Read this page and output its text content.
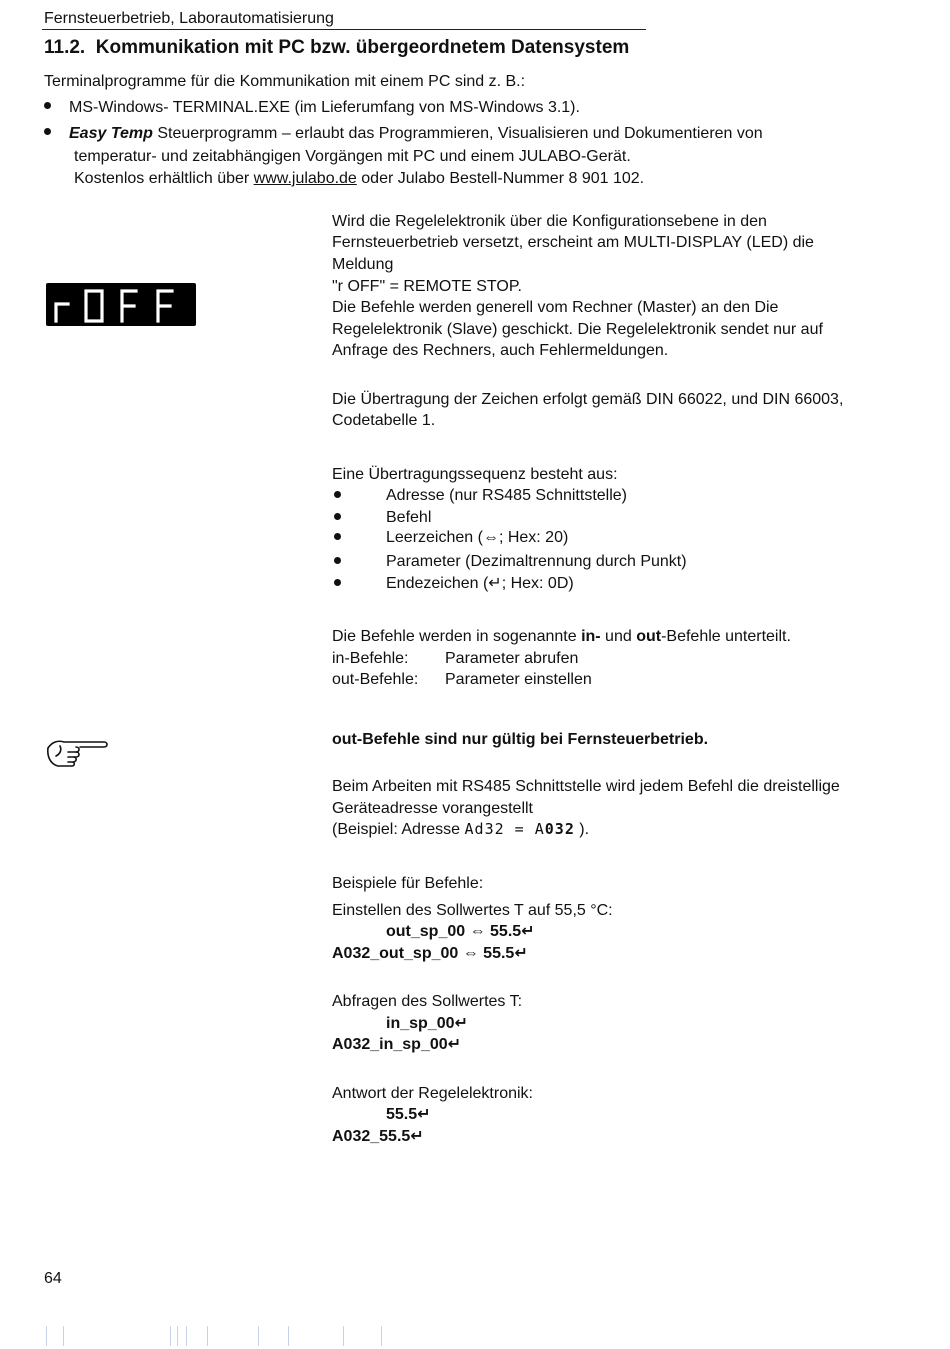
Fernsteuerbetrieb, Laborautomatisierung
11.2. Kommunikation mit PC bzw. übergeordnetem Datensystem
Terminalprogramme für die Kommunikation mit einem PC sind z. B.:
MS-Windows- TERMINAL.EXE (im Lieferumfang von MS-Windows 3.1).
Easy Temp Steuerprogramm – erlaubt das Programmieren, Visualisieren und Dokumentieren von
temperatur- und zeitabhängigen Vorgängen mit PC und einem JULABO-Gerät.
Kostenlos erhältlich über www.julabo.de oder Julabo Bestell-Nummer 8 901 102.
Wird die Regelelektronik über die Konfigurationsebene in den
Fernsteuerbetrieb versetzt, erscheint am MULTI-DISPLAY (LED) die
Meldung
"r OFF" = REMOTE STOP.
Die Befehle werden generell vom Rechner (Master) an den Die
Regelelektronik (Slave) geschickt. Die Regelelektronik sendet nur auf
Anfrage des Rechners, auch Fehlermeldungen.
Die Übertragung der Zeichen erfolgt gemäß DIN 66022, und DIN 66003,
Codetabelle 1.
Eine Übertragungssequenz besteht aus:
Adresse (nur RS485 Schnittstelle)
Befehl
Leerzeichen (⇔; Hex: 20)
Parameter (Dezimaltrennung durch Punkt)
Endezeichen (↵; Hex: 0D)
Die Befehle werden in sogenannte in- und out-Befehle unterteilt.
in-Befehle: Parameter abrufen
out-Befehle: Parameter einstellen
out-Befehle sind nur gültig bei Fernsteuerbetrieb.
Beim Arbeiten mit RS485 Schnittstelle wird jedem Befehl die dreistellige
Geräteadresse vorangestellt
(Beispiel: Adresse Ad32 = A032 ).
Beispiele für Befehle:
Einstellen des Sollwertes T auf 55,5 °C:
out_sp_00 ⇔ 55.5↵
A032_out_sp_00 ⇔ 55.5↵
Abfragen des Sollwertes T:
in_sp_00↵
A032_in_sp_00↵
Antwort der Regelelektronik:
55.5↵
A032_55.5↵
64
